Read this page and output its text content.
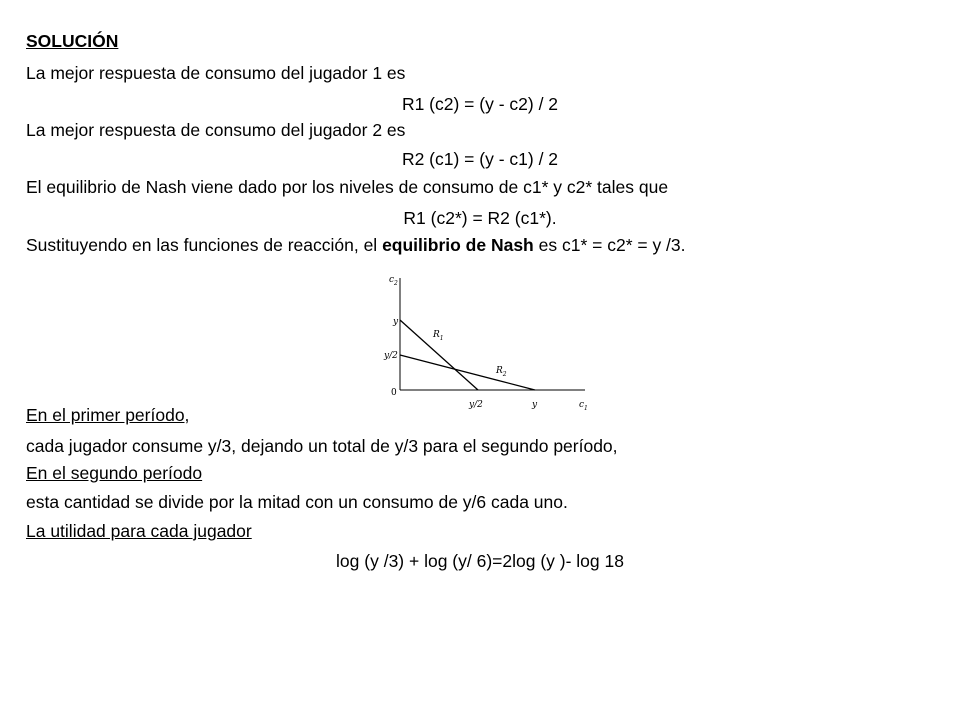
SOLUCIÓN
La mejor respuesta de consumo del jugador 1 es
R1 (c2) = (y - c2) / 2
La mejor respuesta de consumo del jugador 2 es
R2 (c1) = (y - c1) / 2
El equilibrio de Nash viene dado por los niveles de consumo de c1* y c2* tales que
R1 (c2*) = R2 (c1*).
Sustituyendo en las funciones de reacción, el equilibrio de Nash es c1* = c2* = y /3.
$c_2$
y
y/2
0
y/2	y	$c_1$
$R_1$
$R_2$
En el primer período,
cada jugador consume y/3, dejando un total de y/3 para el segundo período,
En el segundo período
esta cantidad se divide por la mitad con un consumo de y/6 cada uno.
La utilidad para cada jugador
log (y /3) + log (y/ 6)=2log (y )- log 18
